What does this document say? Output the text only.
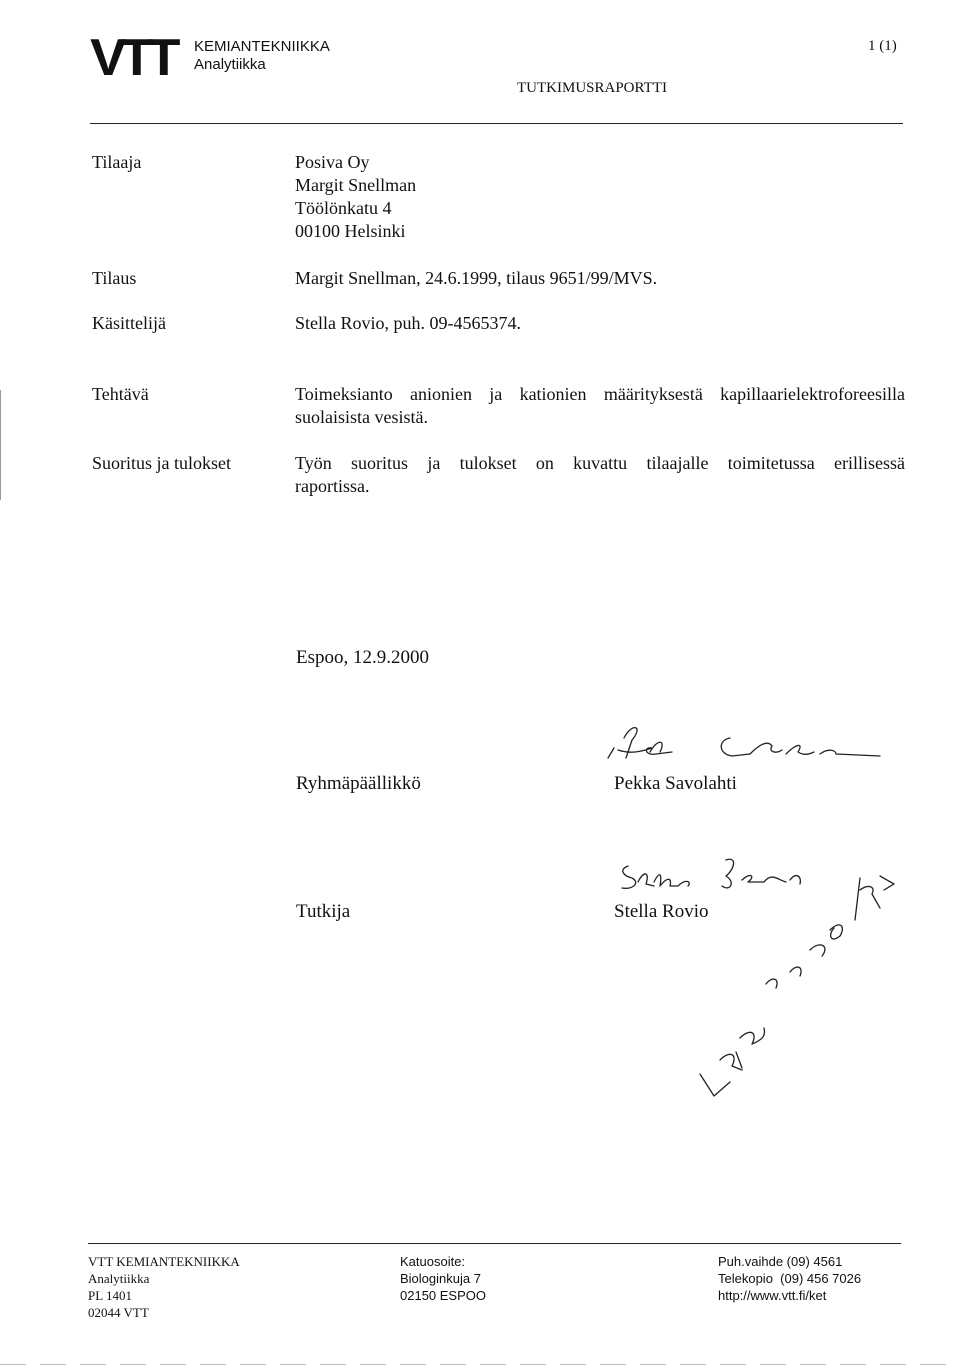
VTT KEMIANTEKNIIKKA
Analytiikka
1 (1)
TUTKIMUSRAPORTTI
Tilaaja	Posiva Oy
Margit Snellman
Töölönkatu 4
00100 Helsinki
Tilaus	Margit Snellman, 24.6.1999, tilaus 9651/99/MVS.
Käsittelijä	Stella Rovio, puh. 09-4565374.
Tehtävä	Toimeksianto anionien ja kationien määrityksestä kapillaarielektroforeesilla
suolaisista vesistä.
Suoritus ja tulokset	Työn suoritus ja tulokset on kuvattu tilaajalle toimitetussa erillisessä
raportissa.
Espoo, 12.9.2000
Ryhmäpäällikkö	Pekka Savolahti
Tutkija	Stella Rovio
VTT KEMIANTEKNIIKKA
Analytiikka
PL 1401
02044 VTT
Katuosoite:
Biologinkuja 7
02150 ESPOO
Puh.vaihde (09) 4561
Telekopio  (09) 456 7026
http://www.vtt.fi/ket
